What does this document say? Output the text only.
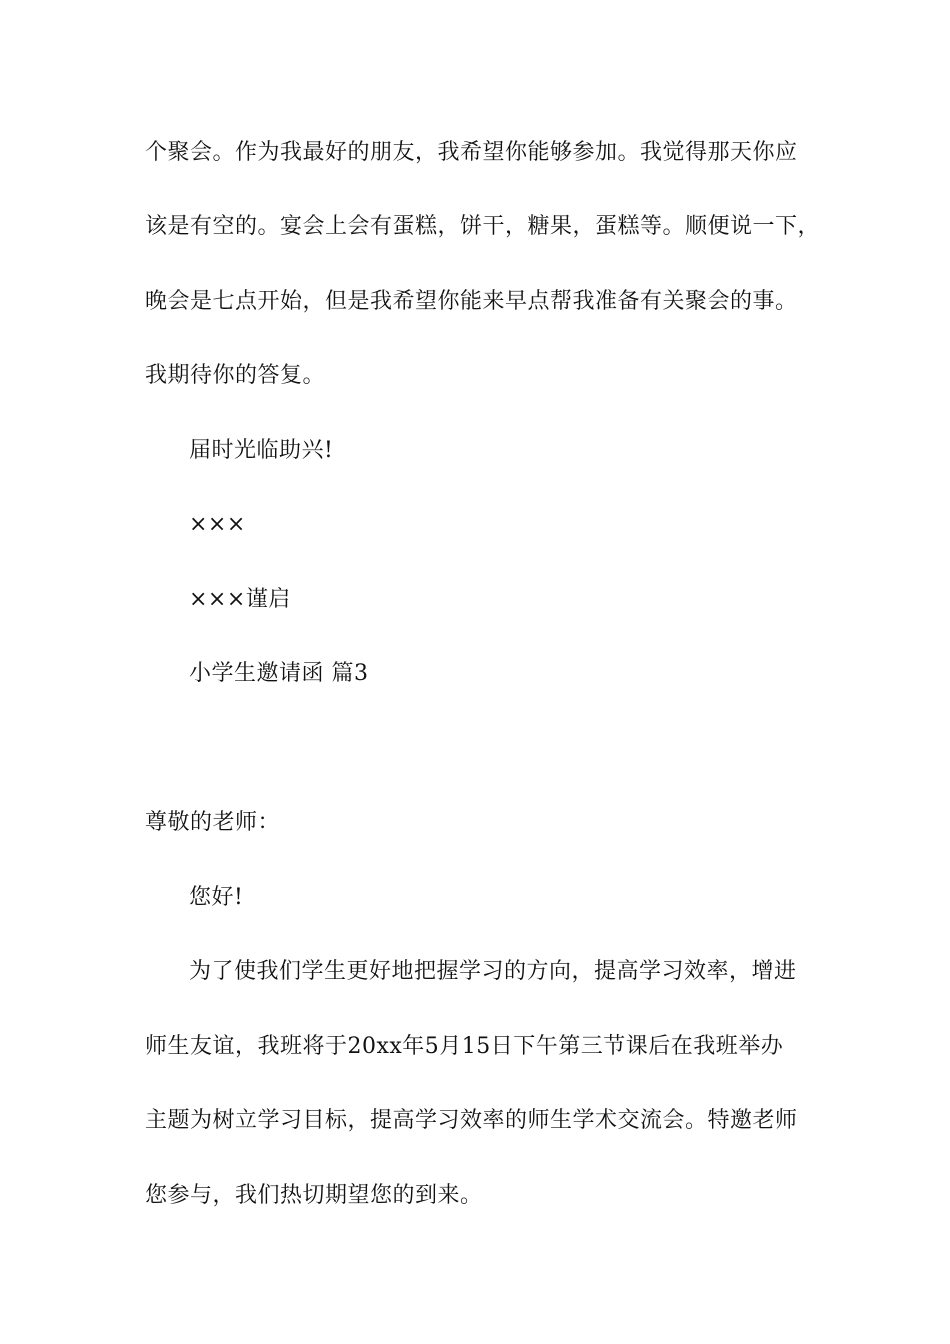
个聚会。作为我最好的朋友，我希望你能够参加。我觉得那天你应
该是有空的。宴会上会有蛋糕，饼干，糖果，蛋糕等。顺便说一下，
晚会是七点开始，但是我希望你能来早点帮我准备有关聚会的事。
我期待你的答复。
届时光临助兴!
×××
×××谨启
小学生邀请函 篇3
尊敬的老师：
您好!
为了使我们学生更好地把握学习的方向，提高学习效率，增进
师生友谊，我班将于20xx年5月15日下午第三节课后在我班举办
主题为树立学习目标，提高学习效率的师生学术交流会。特邀老师
您参与，我们热切期望您的到来。
